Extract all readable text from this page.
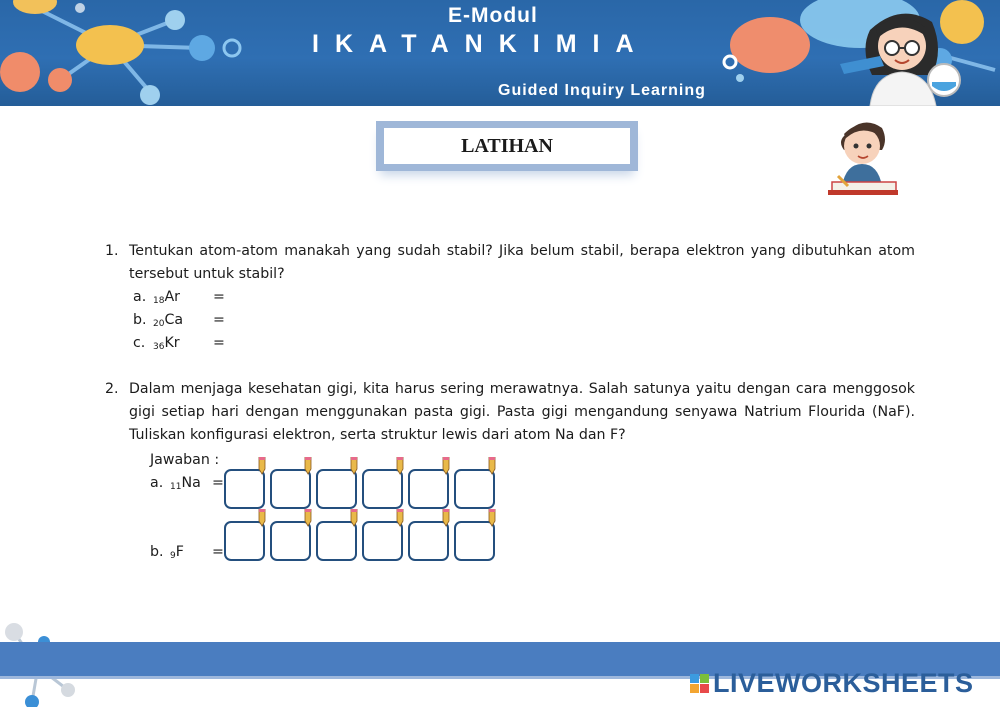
E-Modul
IKATANKIMIA
Guided Inquiry Learning
LATIHAN
1. Tentukan atom-atom manakah yang sudah stabil? Jika belum stabil, berapa elektron yang dibutuhkan atom tersebut untuk stabil?
a. $_{18}$Ar =
b. $_{20}$Ca =
c. $_{36}$Kr =
2. Dalam menjaga kesehatan gigi, kita harus sering merawatnya. Salah satunya yaitu dengan cara menggosok gigi setiap hari dengan menggunakan pasta gigi. Pasta gigi mengandung senyawa Natrium Flourida (NaF). Tuliskan konfigurasi elektron, serta struktur lewis dari atom Na dan F?
Jawaban :
a. $_{11}$Na =
b. $_9$F =
LIVEWORKSHEETS
